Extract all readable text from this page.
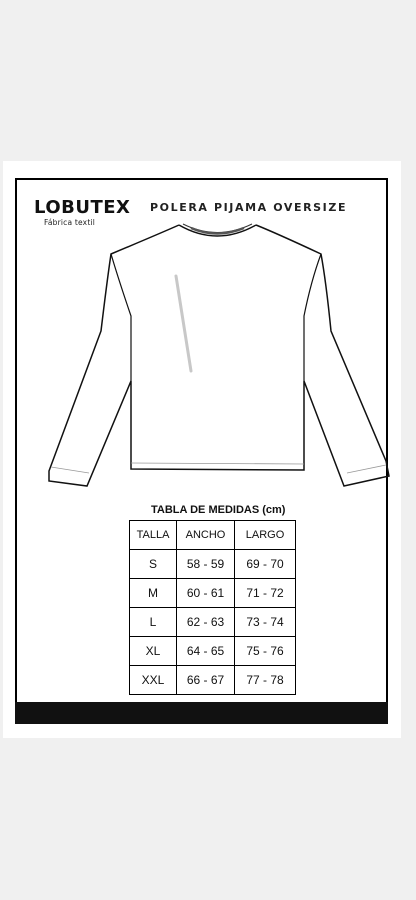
LOBUTEX
Fábrica textil
POLERA PIJAMA OVERSIZE
TABLA DE MEDIDAS (cm)
TALLA	ANCHO	LARGO
S	58 - 59	69 - 70
M	60 - 61	71 - 72
L	62 - 63	73 - 74
XL	64 - 65	75 - 76
XXL	66 - 67	77 - 78
